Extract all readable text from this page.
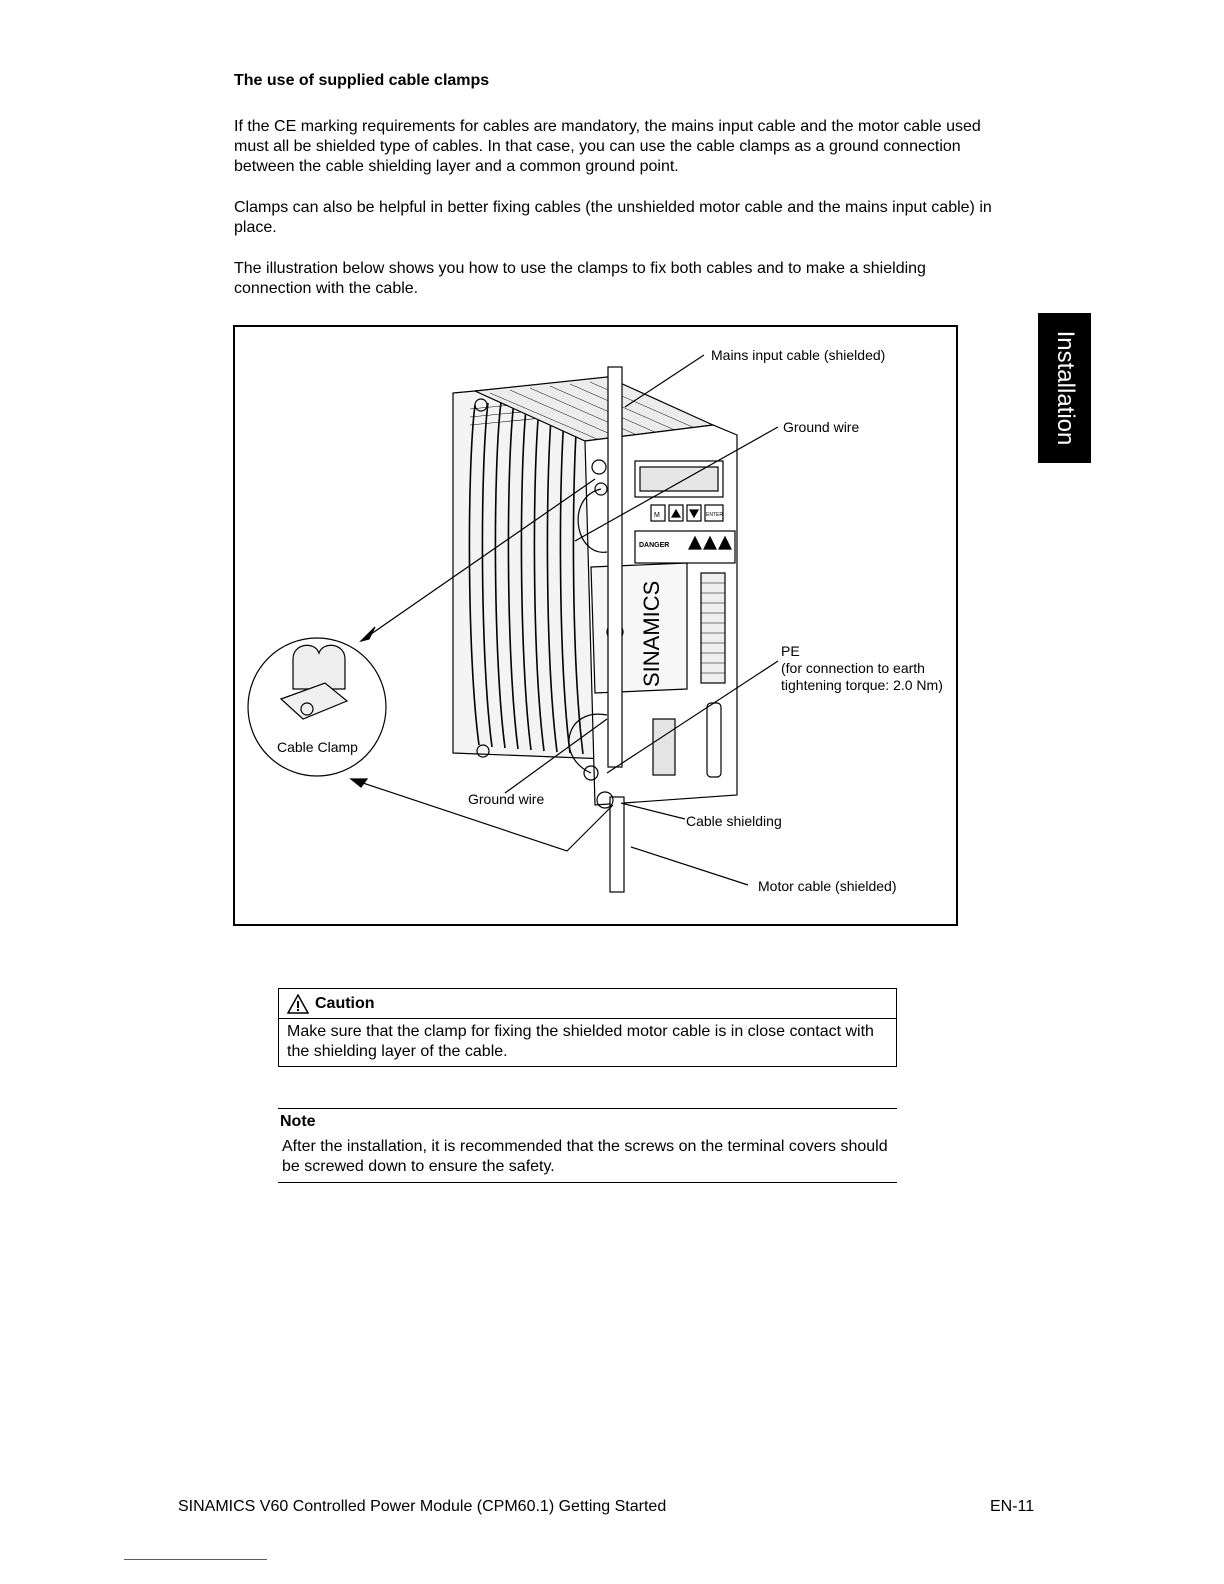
The use of supplied cable clamps
If the CE marking requirements for cables are mandatory, the mains input cable and the motor cable used must all be shielded type of cables. In that case, you can use the cable clamps as a ground connection between the cable shielding layer and a common ground point.
Clamps can also be helpful in better fixing cables (the unshielded motor cable and the mains input cable) in place.
The illustration below shows you how to use the clamps to fix both cables and to make a shielding connection with the cable.
Installation
SINAMICS
DANGER
M	ENTER
Mains input cable (shielded)
Ground wire
PE
(for connection to earth
tightening torque: 2.0 Nm)
Cable Clamp
Ground wire
Cable shielding
Motor cable (shielded)
Caution
Make sure that the clamp for fixing the shielded motor cable is in close contact with the shielding layer of the cable.
Note
After the installation, it is recommended that the screws on the terminal covers should be screwed down to ensure the safety.
SINAMICS V60 Controlled Power Module (CPM60.1) Getting Started	EN-11
